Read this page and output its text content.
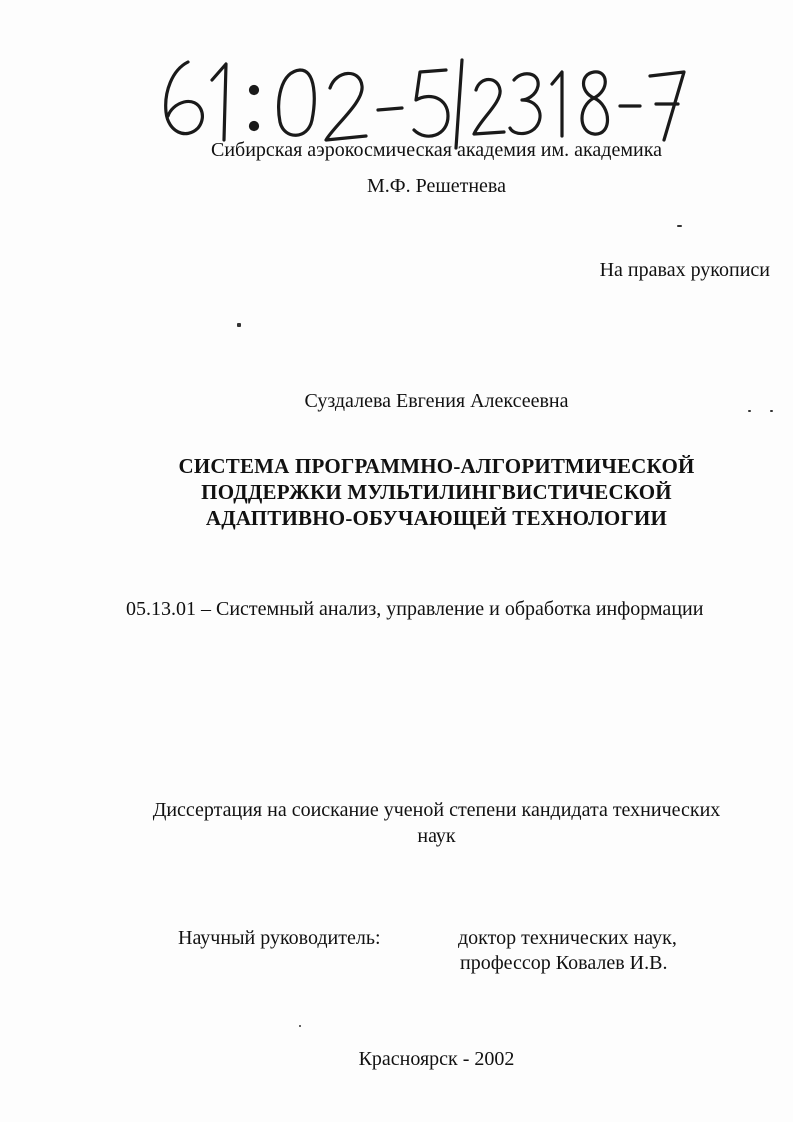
Сибирская аэрокосмическая академия им. академика
М.Ф. Решетнева
На правах рукописи
Суздалева Евгения Алексеевна
СИСТЕМА ПРОГРАММНО-АЛГОРИТМИЧЕСКОЙ
ПОДДЕРЖКИ МУЛЬТИЛИНГВИСТИЧЕСКОЙ
АДАПТИВНО-ОБУЧАЮЩЕЙ ТЕХНОЛОГИИ
05.13.01 – Системный анализ, управление и обработка информации
Диссертация на соискание ученой степени кандидата технических
наук
Научный руководитель:	доктор технических наук,
профессор Ковалев И.В.
Красноярск - 2002
